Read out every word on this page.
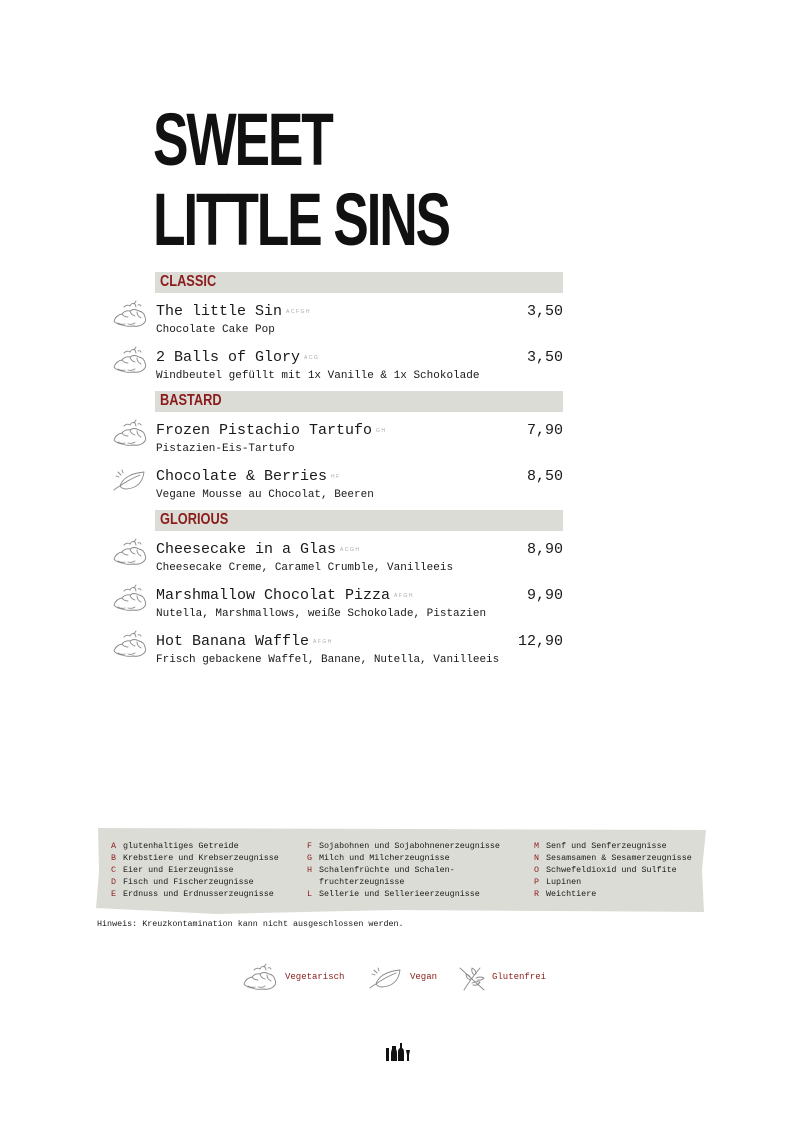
SWEET
LITTLE SINS
CLASSIC
The little Sin ACFGH	3,50
Chocolate Cake Pop
2 Balls of Glory ACG	3,50
Windbeutel gefüllt mit 1x Vanille & 1x Schokolade
BASTARD
Frozen Pistachio Tartufo GH	7,90
Pistazien-Eis-Tartufo
Chocolate & Berries HF	8,50
Vegane Mousse au Chocolat, Beeren
GLORIOUS
Cheesecake in a Glas ACGH	8,90
Cheesecake Creme, Caramel Crumble, Vanilleeis
Marshmallow Chocolat Pizza AFGH	9,90
Nutella, Marshmallows, weiße Schokolade, Pistazien
Hot Banana Waffle AFGH	12,90
Frisch gebackene Waffel, Banane, Nutella, Vanilleeis
A glutenhaltiges Getreide
B Krebstiere und Krebserzeugnisse
C Eier und Eierzeugnisse
D Fisch und Fischerzeugnisse
E Erdnuss und Erdnusserzeugnisse
F Sojabohnen und Sojabohnenerzeugnisse
G Milch und Milcherzeugnisse
H Schalenfrüchte und Schalen-
fruchterzeugnisse
L Sellerie und Sellerieerzeugnisse
M Senf und Senferzeugnisse
N Sesamsamen & Sesamerzeugnisse
O Schwefeldioxid und Sulfite
P Lupinen
R Weichtiere
Hinweis: Kreuzkontamination kann nicht ausgeschlossen werden.
Vegetarisch	Vegan	Glutenfrei
